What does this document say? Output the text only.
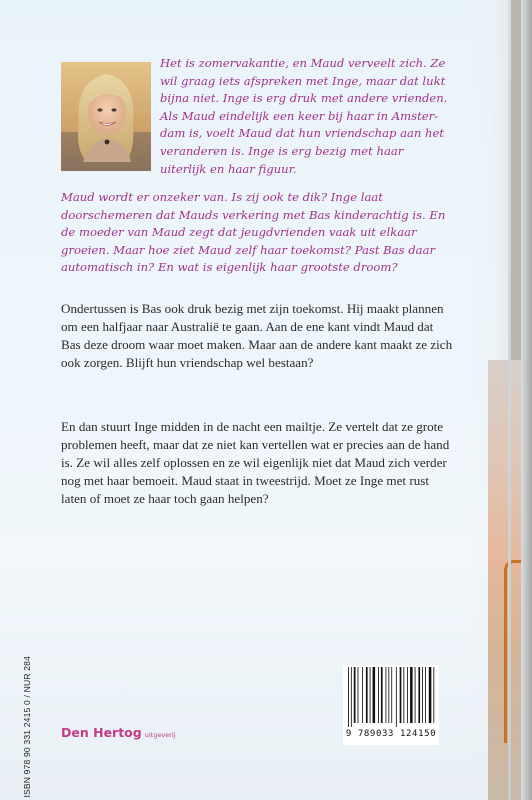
Het is zomervakantie, en Maud verveelt zich. Ze wil graag iets afspreken met Inge, maar dat lukt bijna niet. Inge is erg druk met andere vrienden. Als Maud eindelijk een keer bij haar in Amsterdam is, voelt Maud dat hun vriendschap aan het veranderen is. Inge is erg bezig met haar uiterlijk en haar figuur.

Maud wordt er onzeker van. Is zij ook te dik? Inge laat doorschemeren dat Mauds verkering met Bas kinderachtig is. En de moeder van Maud zegt dat jeugdvrienden vaak uit elkaar groeien. Maar hoe ziet Maud zelf haar toekomst? Past Bas daar automatisch in? En wat is eigenlijk haar grootste droom?

Ondertussen is Bas ook druk bezig met zijn toekomst. Hij maakt plannen om een halfjaar naar Australië te gaan. Aan de ene kant vindt Maud dat Bas deze droom waar moet maken. Maar aan de andere kant maakt ze zich ook zorgen. Blijft hun vriendschap wel bestaan?

En dan stuurt Inge midden in de nacht een mailtje. Ze vertelt dat ze grote problemen heeft, maar dat ze niet kan vertellen wat er precies aan de hand is. Ze wil alles zelf oplossen en ze wil eigenlijk niet dat Maud zich verder nog met haar bemoeit. Maud staat in tweestrijd. Moet ze Inge met rust laten of moet ze haar toch gaan helpen?

ISBN 978 90 331 2415 0 / NUR 284 Den Hertog uitgeverij	9 789033 124150
